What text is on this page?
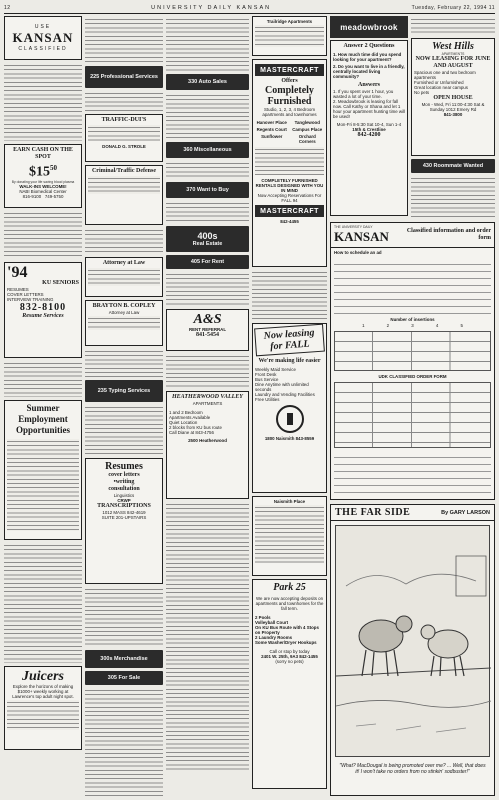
12	UNIVERSITY DAILY KANSAN	Tuesday, February 22, 1994 11
USE
KANSAN
CLASSIFIED
EARN CASH ON THE SPOT
$\$15^{50}$
By donating your life saving blood plasma
WALK-INS WELCOME!
NABI Biomedical Center
816-9100 749-5750
'94
KU SENIORS
RESUMES
COVER LETTERS
INTERVIEW TRAINING
832-8100
Resume Services
Summer Employment Opportunities
Juicers
Explore the horizons of making $1000+ weekly working at Lawrence's top adult night spot.
225 Professional Services
TRAFFIC-DUI'S
DONALD G. STROLE
Criminal/Traffic Defense
Attorney at Law
BRAYTON B. COPLEY
Attorney at Law
235 Typing Services
Resumes
cover letters
•writing
consultation
Linguistics
CRWP
TRANSCRIPTIONS
1012 MASS 842-4619
SUITE 201-UPSTAIRS
300s Merchandise
305 For Sale
330 Auto Sales
360 Miscellaneous
370 Want to Buy
400s
Real Estate
405 For Rent
A&S
RENT REFERRAL
841-5454
HEATHERWOOD VALLEY
APARTMENTS
1 and 2 Bedroom
Apartments Available
Quiet Location
2 blocks from KU bus route
Call Diane at 843-4756
2500 Heatherwood
Trailridge Apartments
MASTERCRAFT
Offers
Completely
Furnished
Studio, 1, 2, 3, 4 Bedroom apartments and townhomes
Hanover Place	Tanglewood
Regents Court	Campus Place
Sunflower	Orchard Corners
COMPLETELY FURNISHED RENTALS DESIGNED WITH YOU IN MIND
Now Accepting Reservations For FALL 94
MASTERCRAFT
842-4455
Now leasing for FALL
We're making life easier
Weekly Maid Service
Front Desk
Bus Service
Dine Anytime with unlimited seconds
Laundry and Vending Facilities
Free Utilities
1800 Naismith 843-8559
Naismith Place
Park 25
We are now accepting deposits on apartments and townhomes for the fall term.
2 Pools
Volleyball Court
On KU Bus Route with 4 Stops on Property
2 Laundry Rooms
Some Washer/Dryer Hookups
Call or stop by today
2401 W. 25th, 9A3 842-1455
(sorry no pets)
meadowbrook
Answer 2 Questions
1. How much time did you spend looking for your apartment?
2. Do you want to live in a friendly, centrally located living community?
Answers
1. If you spent over 1 hour, you wasted a lot of your time.
2. Meadowbrook is leasing for fall now. Call Kathy or Shana and let 1 hour your apartment hunting time will be used!
Mon-Fri 8-5:30 Sat 10-4, Sun 1-4
15th & Crestline
842-4200
West Hills
APARTMENTS
NOW LEASING FOR JUNE AND AUGUST
Spacious one and two bedroom apartments
Furnished or Unfurnished
Great location near campus
No pets
OPEN HOUSE
Mon - Wed, Fri 11:00-4:30 Sat & Sunday 1012 Emery Rd
841-3800
430 Roommate Wanted
THE UNIVERSITY DAILY
KANSAN	Classified information and order form
How to schedule an ad
Number of insertions
1	2	3	4	5
UDK CLASSIFIED ORDER FORM
THE FAR SIDE	By GARY LARSON
"What? MacDougal is being promoted over me? ... Well, that does it! I won't take no orders from no stinkin' sodbuster!"
